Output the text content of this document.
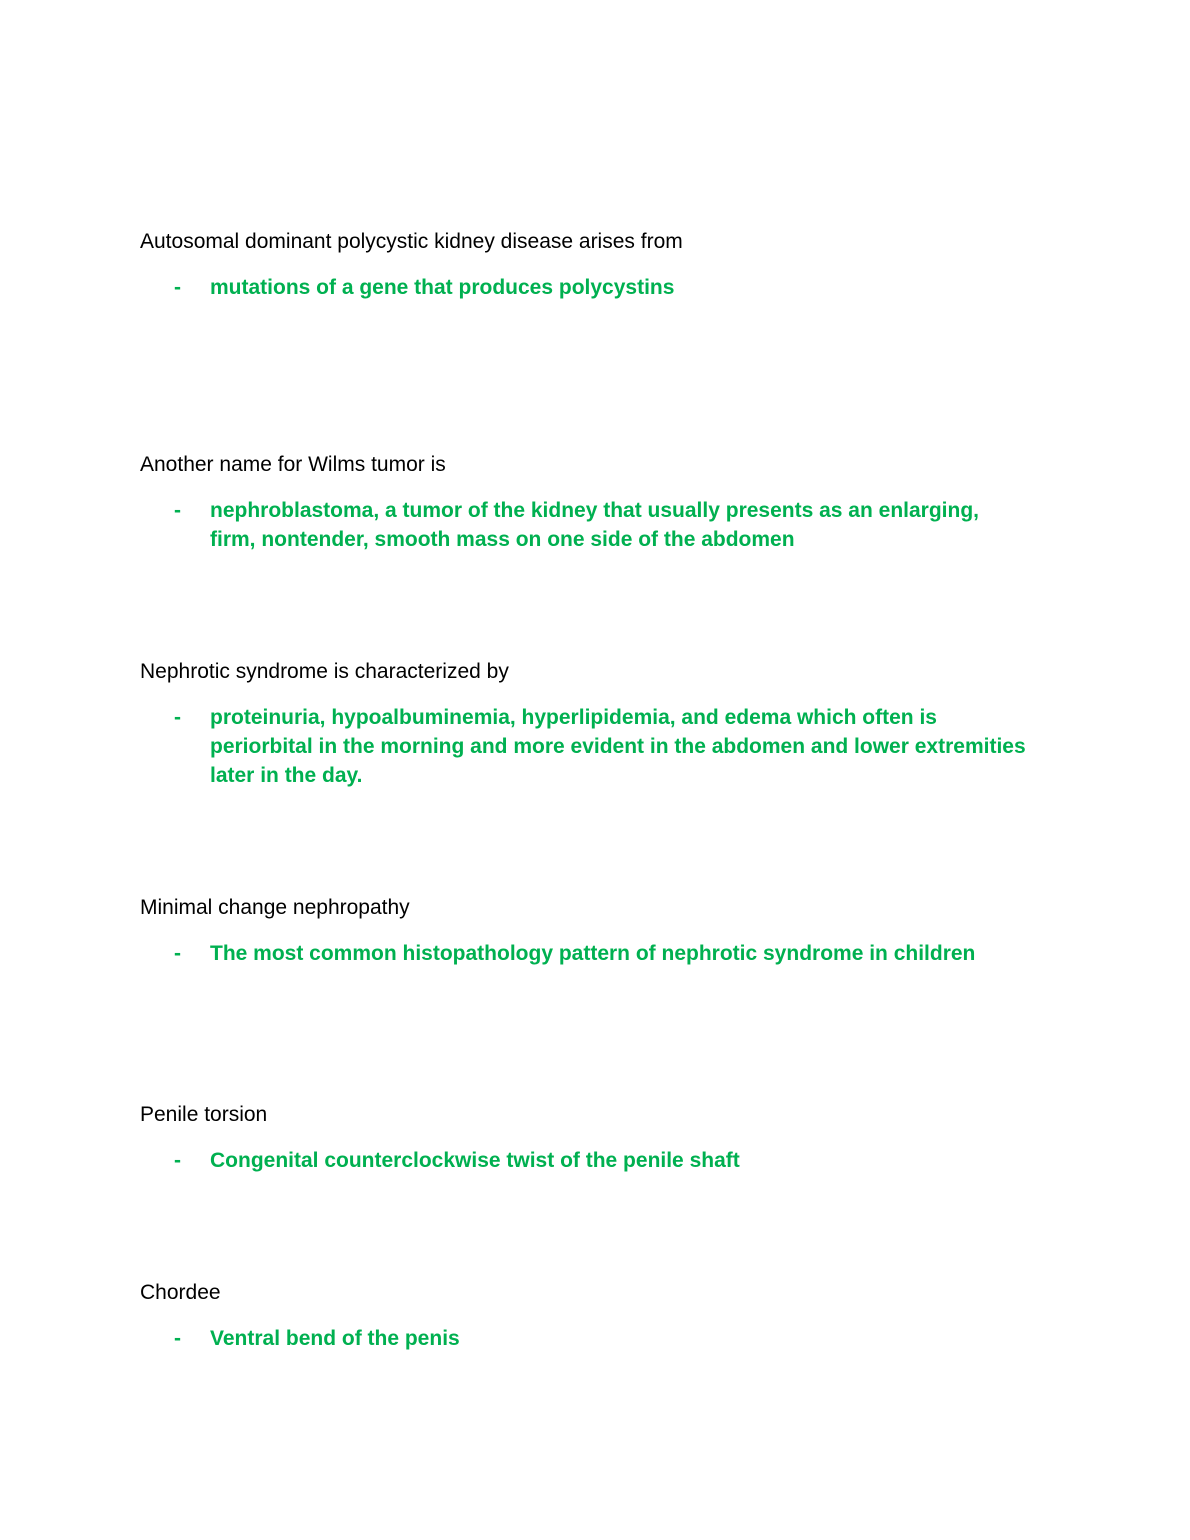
Autosomal dominant polycystic kidney disease arises from

-	mutations of a gene that produces polycystins

Another name for Wilms tumor is

-	nephroblastoma, a tumor of the kidney that usually presents as an enlarging, firm, nontender, smooth mass on one side of the abdomen

Nephrotic syndrome is characterized by

-	proteinuria, hypoalbuminemia, hyperlipidemia, and edema which often is periorbital in the morning and more evident in the abdomen and lower extremities later in the day.

Minimal change nephropathy

-	The most common histopathology pattern of nephrotic syndrome in children

Penile torsion

-	Congenital counterclockwise twist of the penile shaft

Chordee

-	Ventral bend of the penis
